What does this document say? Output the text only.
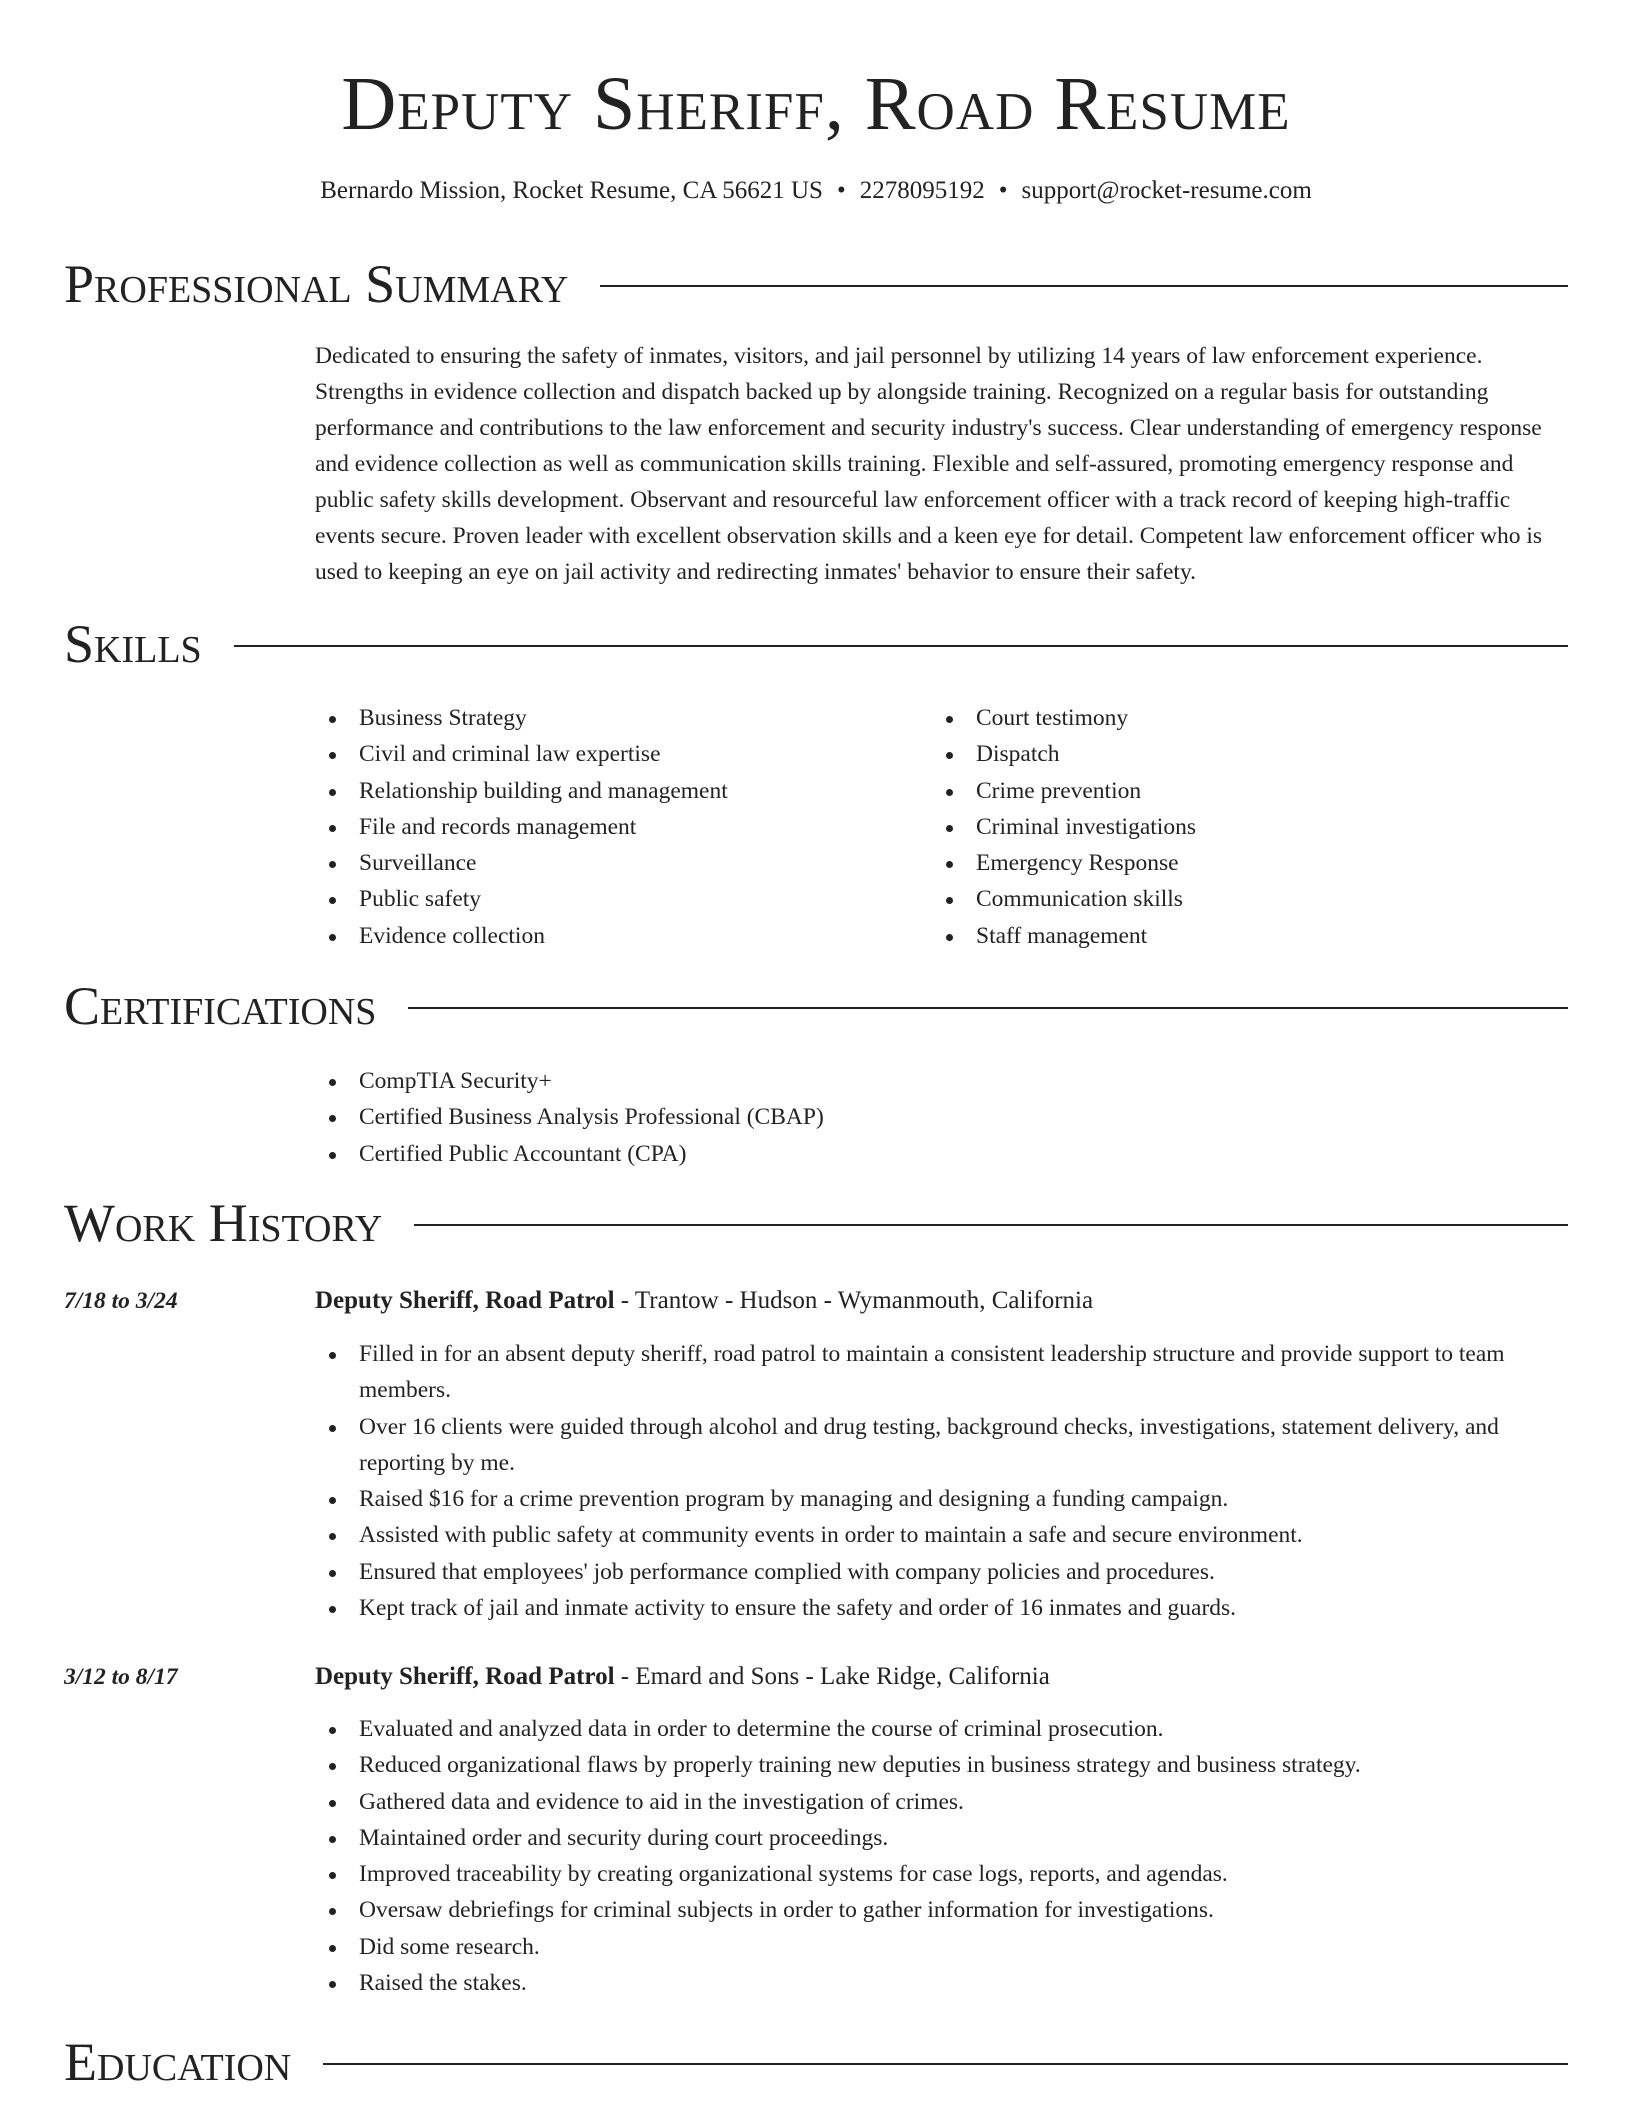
Deputy Sheriff, Road Resume
Bernardo Mission, Rocket Resume, CA 56621 US • 2278095192 • support@rocket-resume.com
Professional Summary

Dedicated to ensuring the safety of inmates, visitors, and jail personnel by utilizing 14 years of law enforcement experience. Strengths in evidence collection and dispatch backed up by alongside training. Recognized on a regular basis for outstanding performance and contributions to the law enforcement and security industry's success. Clear understanding of emergency response and evidence collection as well as communication skills training. Flexible and self-assured, promoting emergency response and public safety skills development. Observant and resourceful law enforcement officer with a track record of keeping high-traffic events secure. Proven leader with excellent observation skills and a keen eye for detail. Competent law enforcement officer who is used to keeping an eye on jail activity and redirecting inmates' behavior to ensure their safety.

Skills
Business Strategy
Civil and criminal law expertise
Relationship building and management
File and records management
Surveillance
Public safety
Evidence collection
Court testimony
Dispatch
Crime prevention
Criminal investigations
Emergency Response
Communication skills
Staff management
Certifications
CompTIA Security+
Certified Business Analysis Professional (CBAP)
Certified Public Accountant (CPA)
Work History
7/18 to 3/24	Deputy Sheriff, Road Patrol - Trantow - Hudson - Wymanmouth, California
Filled in for an absent deputy sheriff, road patrol to maintain a consistent leadership structure and provide support to team members.
Over 16 clients were guided through alcohol and drug testing, background checks, investigations, statement delivery, and reporting by me.
Raised $16 for a crime prevention program by managing and designing a funding campaign.
Assisted with public safety at community events in order to maintain a safe and secure environment.
Ensured that employees' job performance complied with company policies and procedures.
Kept track of jail and inmate activity to ensure the safety and order of 16 inmates and guards.
3/12 to 8/17	Deputy Sheriff, Road Patrol - Emard and Sons - Lake Ridge, California
Evaluated and analyzed data in order to determine the course of criminal prosecution.
Reduced organizational flaws by properly training new deputies in business strategy and business strategy.
Gathered data and evidence to aid in the investigation of crimes.
Maintained order and security during court proceedings.
Improved traceability by creating organizational systems for case logs, reports, and agendas.
Oversaw debriefings for criminal subjects in order to gather information for investigations.
Did some research.
Raised the stakes.
Education
